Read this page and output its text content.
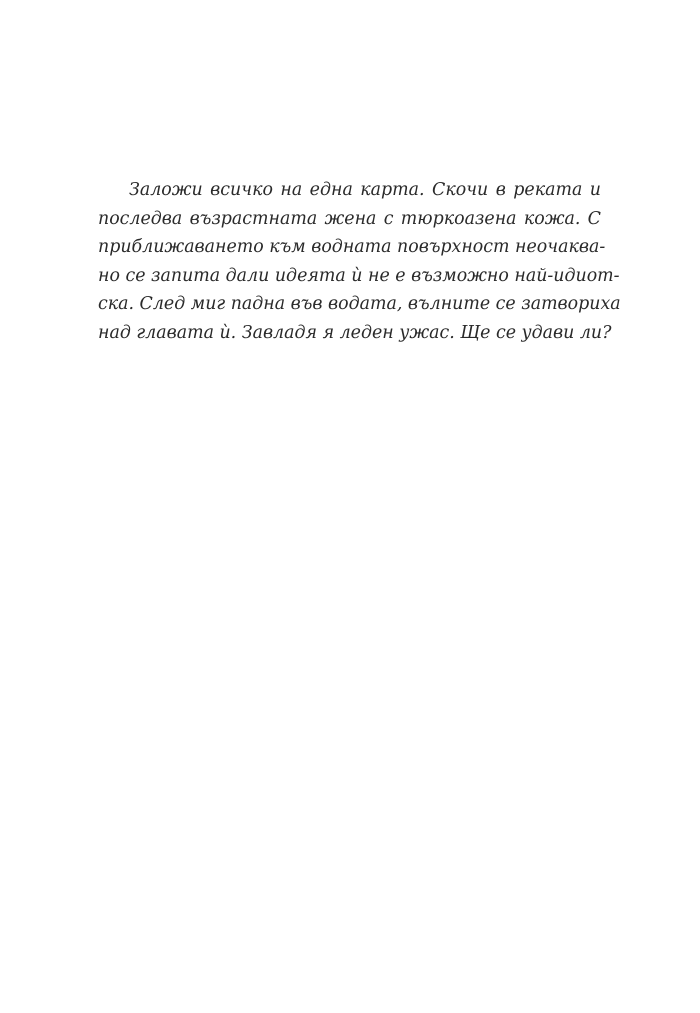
Заложи всичко на една карта. Скочи в реката и
последва възрастната жена с тюркоазена кожа. С
приближаването към водната повърхност неочаква-
но се запита дали идеята ѝ не е възможно най-идиот-
ска. След миг падна във водата, вълните се затвориха
над главата ѝ. Завладя я леден ужас. Ще се удави ли?
